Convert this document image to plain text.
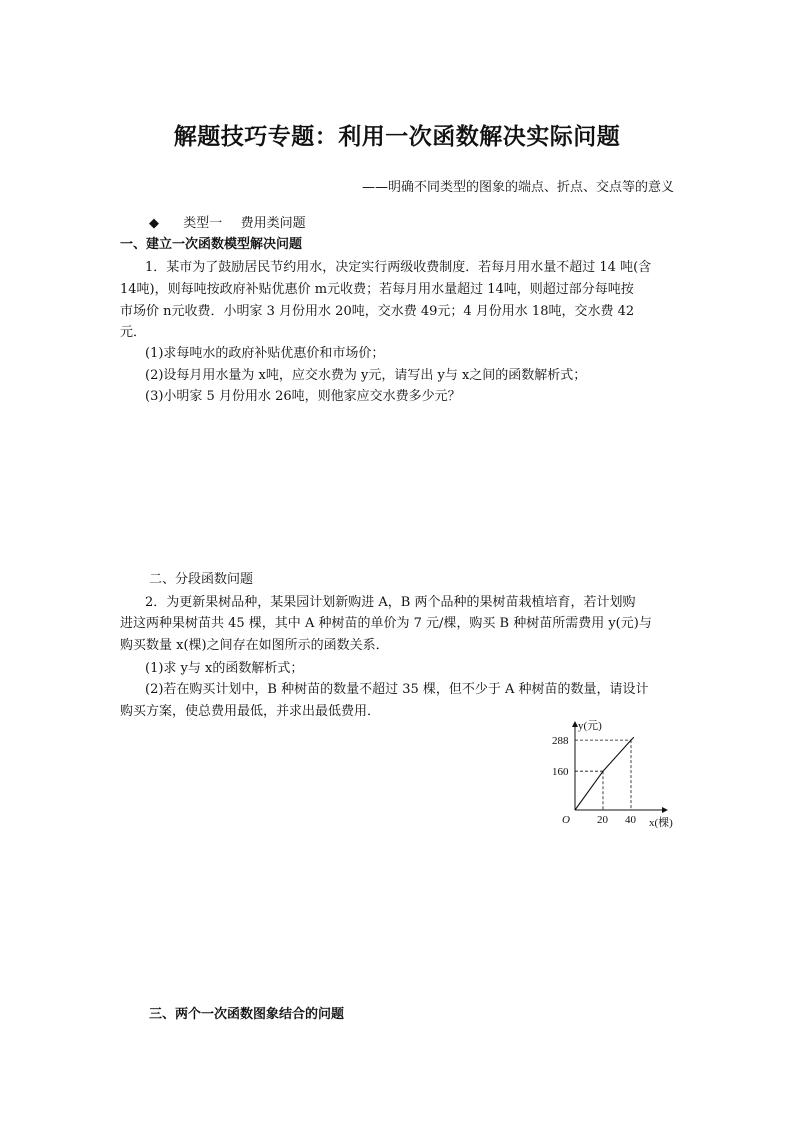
解题技巧专题：利用一次函数解决实际问题
——明确不同类型的图象的端点、折点、交点等的意义
◆ 类型一 费用类问题
一、建立一次函数模型解决问题
1．某市为了鼓励居民节约用水，决定实行两级收费制度．若每月用水量不超过 14 吨(含
14吨)，则每吨按政府补贴优惠价 m元收费；若每月用水量超过 14吨，则超过部分每吨按
市场价 n元收费．小明家 3 月份用水 20吨，交水费 49元；4 月份用水 18吨，交水费 42
元．
(1)求每吨水的政府补贴优惠价和市场价；
(2)设每月用水量为 x吨，应交水费为 y元，请写出 y与 x之间的函数解析式；
(3)小明家 5 月份用水 26吨，则他家应交水费多少元？
二、分段函数问题
2．为更新果树品种，某果园计划新购进 A，B 两个品种的果树苗栽植培育，若计划购
进这两种果树苗共 45 棵，其中 A 种树苗的单价为 7 元/棵，购买 B 种树苗所需费用 y(元)与
购买数量 x(棵)之间存在如图所示的函数关系．
(1)求 y与 x的函数解析式；
(2)若在购买计划中，B 种树苗的数量不超过 35 棵，但不少于 A 种树苗的数量，请设计
购买方案，使总费用最低，并求出最低费用．
20 40
160
288
O	x(棵)
y(元)
三、两个一次函数图象结合的问题
